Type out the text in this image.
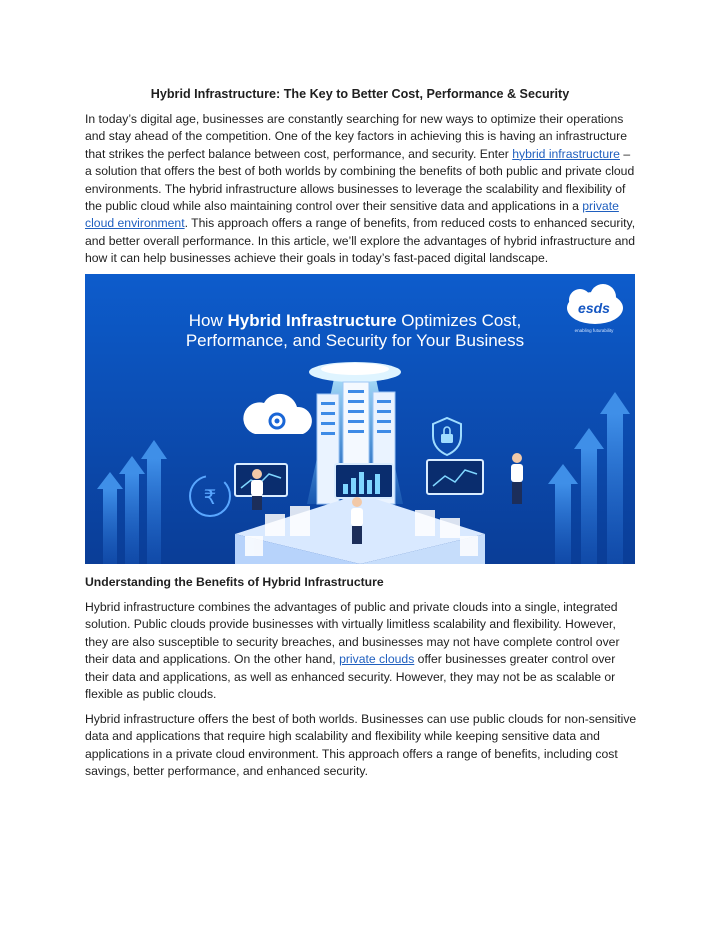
Hybrid Infrastructure: The Key to Better Cost, Performance & Security
In today’s digital age, businesses are constantly searching for new ways to optimize their operations and stay ahead of the competition. One of the key factors in achieving this is having an infrastructure that strikes the perfect balance between cost, performance, and security. Enter hybrid infrastructure – a solution that offers the best of both worlds by combining the benefits of both public and private cloud environments. The hybrid infrastructure allows businesses to leverage the scalability and flexibility of the public cloud while also maintaining control over their sensitive data and applications in a private cloud environment. This approach offers a range of benefits, from reduced costs to enhanced security, and better overall performance. In this article, we’ll explore the advantages of hybrid infrastructure and how it can help businesses achieve their goals in today’s fast-paced digital landscape.
How Hybrid Infrastructure Optimizes Cost,
Performance, and Security for Your Business
esds
enabling futurability
₹
Understanding the Benefits of Hybrid Infrastructure
Hybrid infrastructure combines the advantages of public and private clouds into a single, integrated solution. Public clouds provide businesses with virtually limitless scalability and flexibility. However, they are also susceptible to security breaches, and businesses may not have complete control over their data and applications. On the other hand, private clouds offer businesses greater control over their data and applications, as well as enhanced security. However, they may not be as scalable or flexible as public clouds.
Hybrid infrastructure offers the best of both worlds. Businesses can use public clouds for non-sensitive data and applications that require high scalability and flexibility while keeping sensitive data and applications in a private cloud environment. This approach offers a range of benefits, including cost savings, better performance, and enhanced security.
